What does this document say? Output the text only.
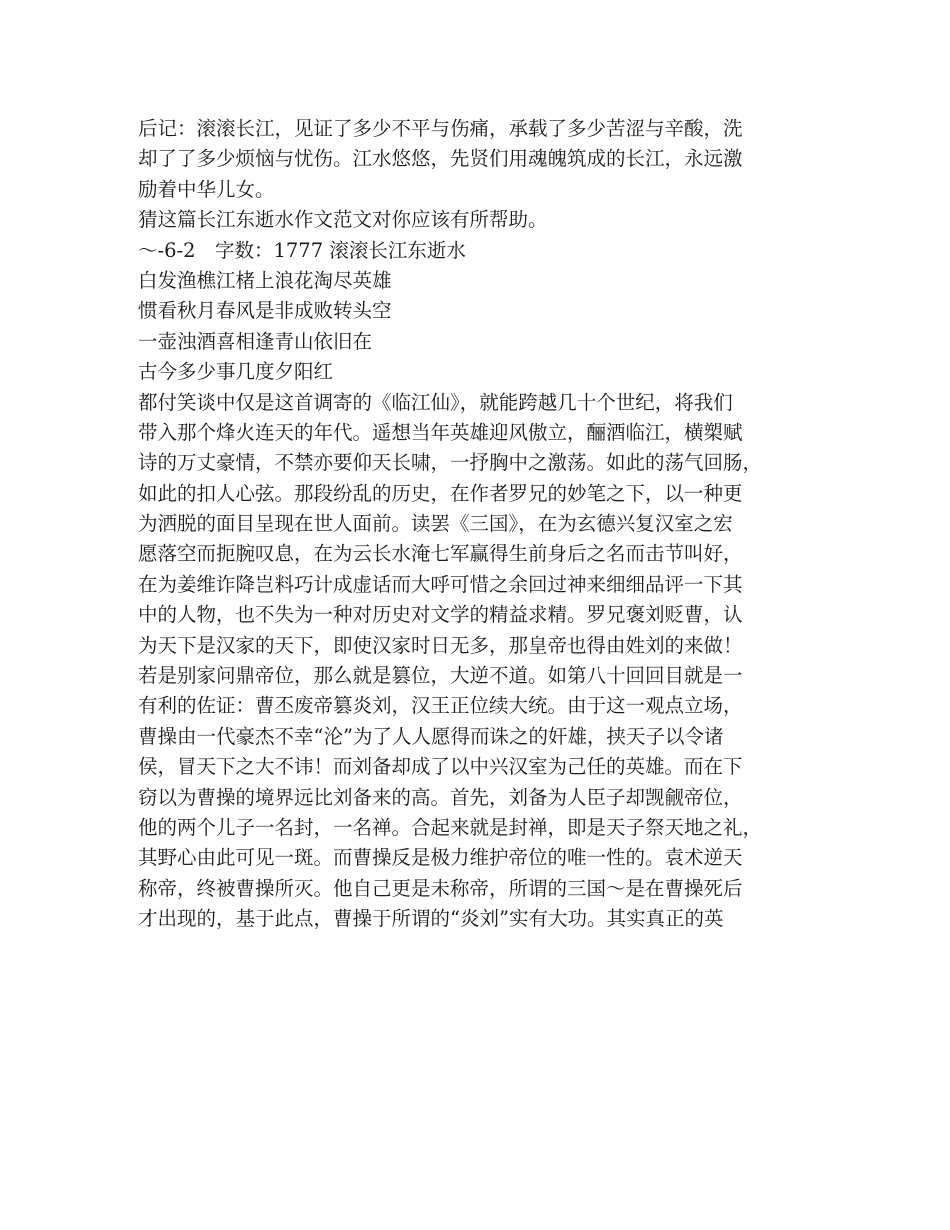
后记：滚滚长江，见证了多少不平与伤痛，承载了多少苦涩与辛酸，洗
却了了多少烦恼与忧伤。江水悠悠，先贤们用魂魄筑成的长江，永远激
励着中华儿女。
猜这篇长江东逝水作文范文对你应该有所帮助。
～-6-2　字数：1777 滚滚长江东逝水
白发渔樵江楮上浪花淘尽英雄
惯看秋月春风是非成败转头空
一壶浊酒喜相逢青山依旧在
古今多少事几度夕阳红
都付笑谈中仅是这首调寄的《临江仙》，就能跨越几十个世纪，将我们
带入那个烽火连天的年代。遥想当年英雄迎风傲立，酾酒临江，横槊赋
诗的万丈豪情，不禁亦要仰天长啸，一抒胸中之激荡。如此的荡气回肠，
如此的扣人心弦。那段纷乱的历史，在作者罗兄的妙笔之下，以一种更
为洒脱的面目呈现在世人面前。读罢《三国》，在为玄德兴复汉室之宏
愿落空而扼腕叹息，在为云长水淹七军赢得生前身后之名而击节叫好，
在为姜维诈降岂料巧计成虚话而大呼可惜之余回过神来细细品评一下其
中的人物，也不失为一种对历史对文学的精益求精。罗兄褒刘贬曹，认
为天下是汉家的天下，即使汉家时日无多，那皇帝也得由姓刘的来做！
若是别家问鼎帝位，那么就是篡位，大逆不道。如第八十回回目就是一
有利的佐证：曹丕废帝篡炎刘，汉王正位续大统。由于这一观点立场，
曹操由一代豪杰不幸“沦”为了人人愿得而诛之的奸雄，挟天子以令诸
侯，冒天下之大不讳！而刘备却成了以中兴汉室为己任的英雄。而在下
窃以为曹操的境界远比刘备来的高。首先，刘备为人臣子却觊觎帝位，
他的两个儿子一名封，一名禅。合起来就是封禅，即是天子祭天地之礼，
其野心由此可见一斑。而曹操反是极力维护帝位的唯一性的。袁术逆天
称帝，终被曹操所灭。他自己更是未称帝，所谓的三国～是在曹操死后
才出现的，基于此点，曹操于所谓的“炎刘”实有大功。其实真正的英
